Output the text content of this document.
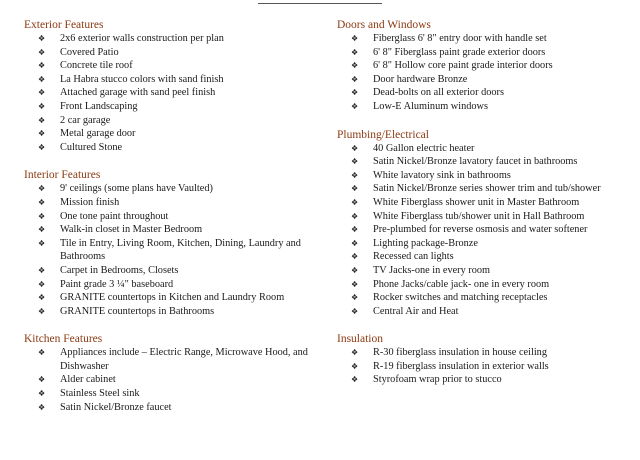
Exterior Features
❖ 2x6 exterior walls construction per plan
❖ Covered Patio
❖ Concrete tile roof
❖ La Habra stucco colors with sand finish
❖ Attached garage with sand peel finish
❖ Front Landscaping
❖ 2 car garage
❖ Metal garage door
❖ Cultured Stone
Interior Features
❖ 9' ceilings (some plans have Vaulted)
❖ Mission finish
❖ One tone paint throughout
❖ Walk-in closet in Master Bedroom
❖ Tile in Entry, Living Room, Kitchen, Dining, Laundry and Bathrooms
❖ Carpet in Bedrooms, Closets
❖ Paint grade 3 ¼" baseboard
❖ GRANITE countertops in Kitchen and Laundry Room
❖ GRANITE countertops in Bathrooms
Kitchen Features
❖ Appliances include – Electric Range, Microwave Hood, and Dishwasher
❖ Alder cabinet
❖ Stainless Steel sink
❖ Satin Nickel/Bronze faucet
Doors and Windows
❖ Fiberglass 6' 8" entry door with handle set
❖ 6' 8" Fiberglass paint grade exterior doors
❖ 6' 8" Hollow core paint grade interior doors
❖ Door hardware Bronze
❖ Dead-bolts on all exterior doors
❖ Low-E Aluminum windows
Plumbing/Electrical
❖ 40 Gallon electric heater
❖ Satin Nickel/Bronze lavatory faucet in bathrooms
❖ White lavatory sink in bathrooms
❖ Satin Nickel/Bronze series shower trim and tub/shower
❖ White Fiberglass shower unit in Master Bathroom
❖ White Fiberglass tub/shower unit in Hall Bathroom
❖ Pre-plumbed for reverse osmosis and water softener
❖ Lighting package-Bronze
❖ Recessed can lights
❖ TV Jacks-one in every room
❖ Phone Jacks/cable jack- one in every room
❖ Rocker switches and matching receptacles
❖ Central Air and Heat
Insulation
❖ R-30 fiberglass insulation in house ceiling
❖ R-19 fiberglass insulation in exterior walls
❖ Styrofoam wrap prior to stucco
